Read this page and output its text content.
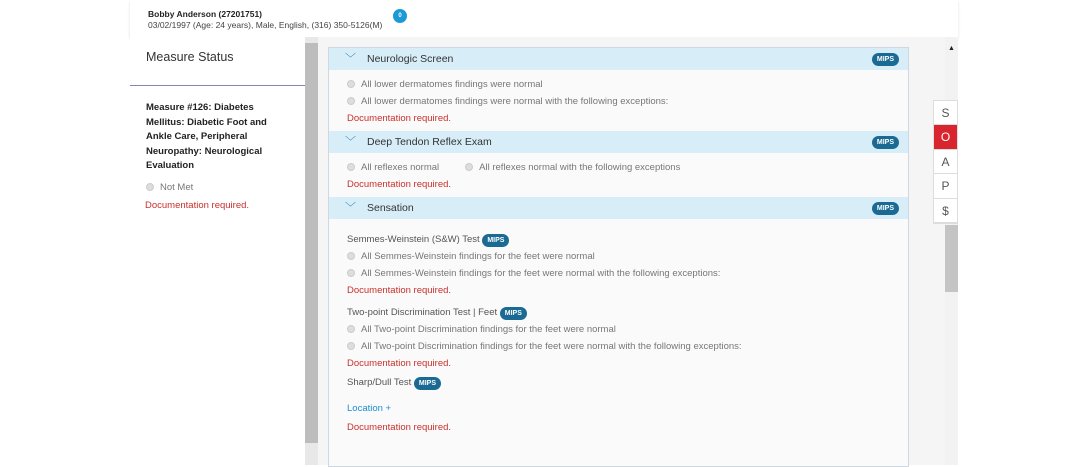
Bobby Anderson (27201751)
03/02/1997 (Age: 24 years), Male, English, (316) 350-5126(M)
0
Measure Status
Measure #126: Diabetes Mellitus: Diabetic Foot and Ankle Care, Peripheral Neuropathy: Neurological Evaluation
Not Met
Documentation required.
﹀ Neurologic Screen	MIPS
All lower dermatomes findings were normal
All lower dermatomes findings were normal with the following exceptions:
Documentation required.
﹀ Deep Tendon Reflex Exam	MIPS
All reflexes normal	All reflexes normal with the following exceptions
Documentation required.
﹀ Sensation	MIPS
Semmes-Weinstein (S&W) Test MIPS
All Semmes-Weinstein findings for the feet were normal
All Semmes-Weinstein findings for the feet were normal with the following exceptions:
Documentation required.
Two-point Discrimination Test | Feet MIPS
All Two-point Discrimination findings for the feet were normal
All Two-point Discrimination findings for the feet were normal with the following exceptions:
Documentation required.
Sharp/Dull Test MIPS
Location +
Documentation required.
▲
S
O
A
P
$
